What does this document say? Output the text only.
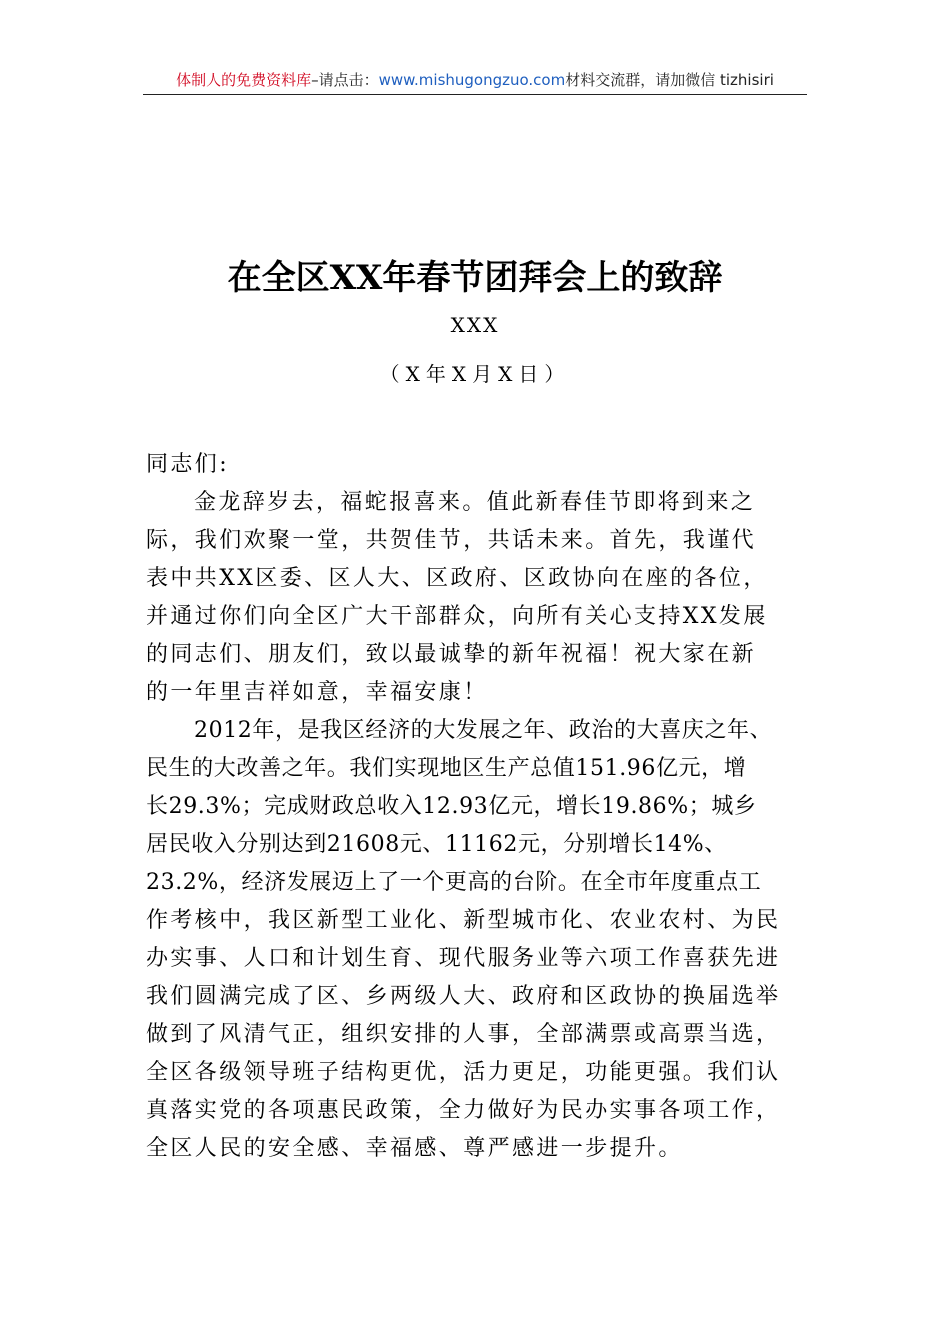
体制人的免费资料库–请点击：www.mishugongzuo.com材料交流群，请加微信 tizhisiri
在全区XX年春节团拜会上的致辞
XXX
（X年X月X日）
同志们:
金龙辞岁去，福蛇报喜来。值此新春佳节即将到来之
际，我们欢聚一堂，共贺佳节，共话未来。首先，我谨代
表中共XX区委、区人大、区政府、区政协向在座的各位，
并通过你们向全区广大干部群众，向所有关心支持XX发展
的同志们、朋友们，致以最诚挚的新年祝福！祝大家在新
的一年里吉祥如意，幸福安康！
2012年，是我区经济的大发展之年、政治的大喜庆之年、
民生的大改善之年。我们实现地区生产总值151.96亿元，增
长29.3%；完成财政总收入12.93亿元，增长19.86%；城乡
居民收入分别达到21608元、11162元，分别增长14%、
23.2%，经济发展迈上了一个更高的台阶。在全市年度重点工
作考核中，我区新型工业化、新型城市化、农业农村、为民
办实事、人口和计划生育、现代服务业等六项工作喜获先进
我们圆满完成了区、乡两级人大、政府和区政协的换届选举
做到了风清气正，组织安排的人事，全部满票或高票当选，
全区各级领导班子结构更优，活力更足，功能更强。我们认
真落实党的各项惠民政策，全力做好为民办实事各项工作，
全区人民的安全感、幸福感、尊严感进一步提升。
